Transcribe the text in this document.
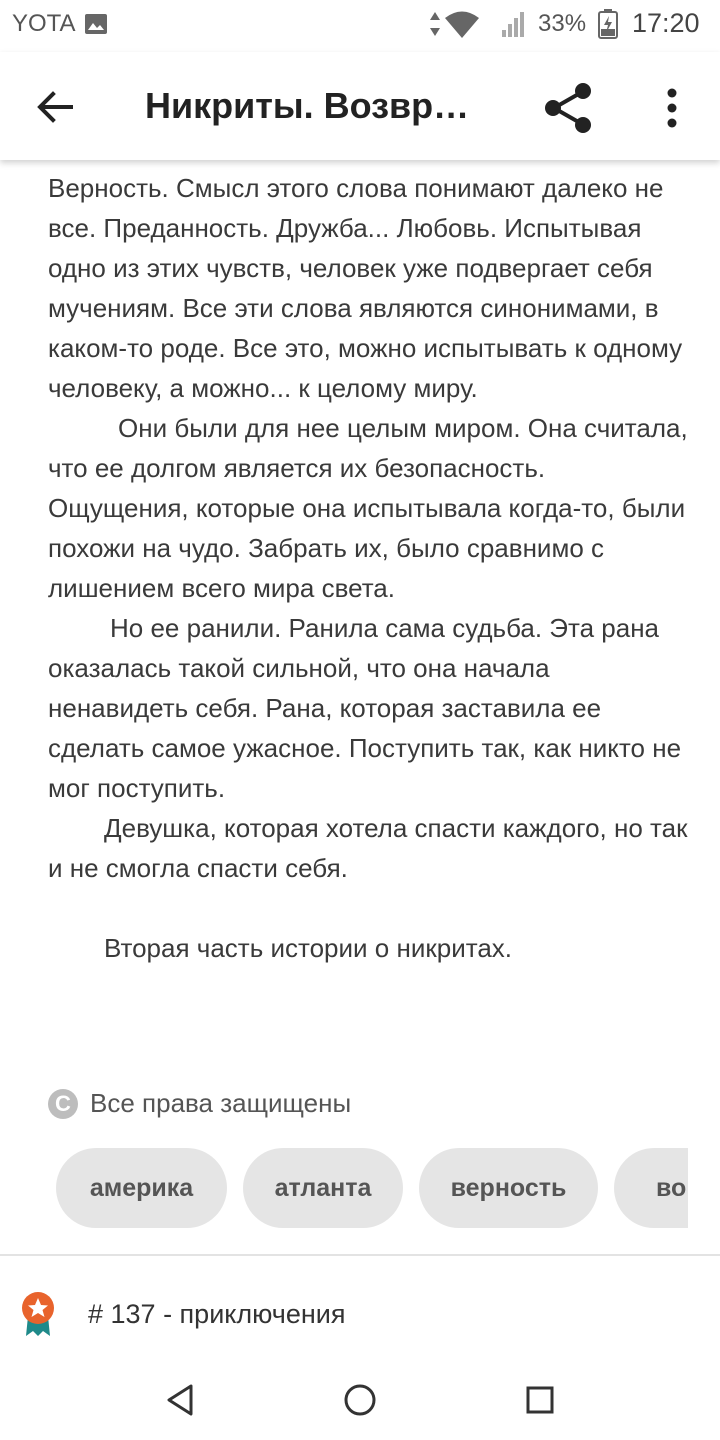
YOTA	33% 17:20
Никриты. Возвр…

Верность. Смысл этого слова понимают далеко не все. Преданность. Дружба... Любовь. Испытывая одно из этих чувств, человек уже подвергает себя мучениям. Все эти слова являются синонимами, в каком-то роде. Все это, можно испытывать к одному человеку, а можно... к целому миру.

Они были для нее целым миром. Она считала, что ее долгом является их безопасность. Ощущения, которые она испытывала когда-то, были похожи на чудо. Забрать их, было сравнимо с лишением всего мира света.

Но ее ранили. Ранила сама судьба. Эта рана оказалась такой сильной, что она начала ненавидеть себя. Рана, которая заставила ее сделать самое ужасное. Поступить так, как никто не мог поступить.

Девушка, которая хотела спасти каждого, но так и не смогла спасти себя.

Вторая часть истории о никритах.

C Все права защищены
америка	атланта	верность	во
# 137 - приключения
